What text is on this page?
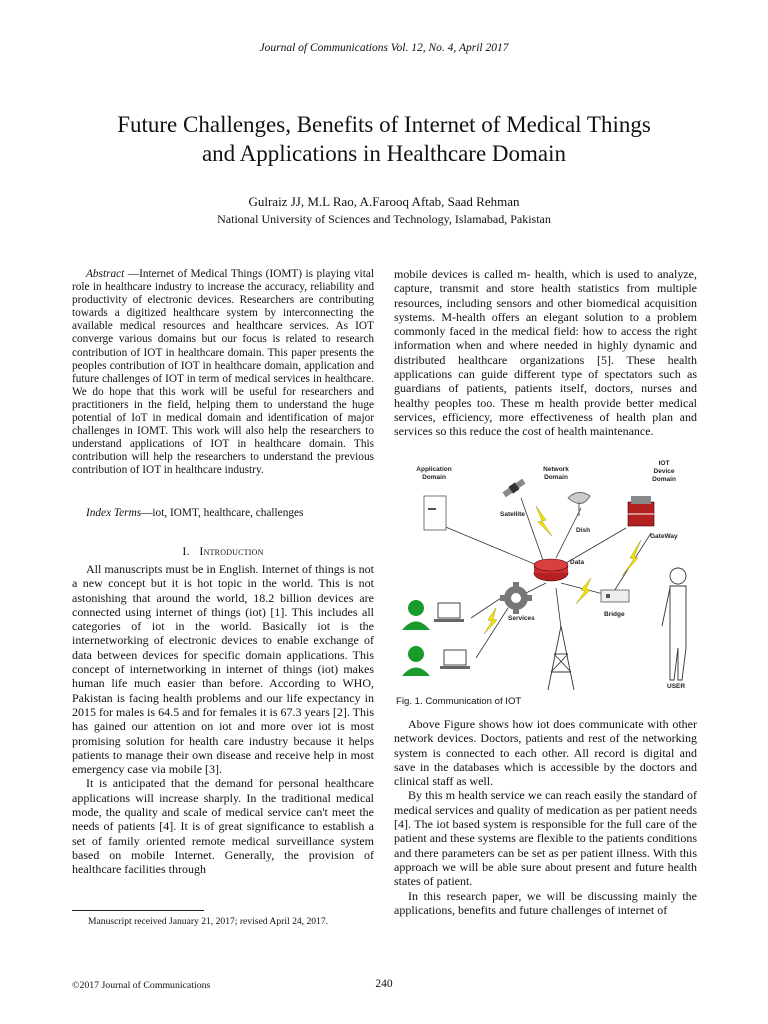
Journal of Communications Vol. 12, No. 4, April 2017
Future Challenges, Benefits of Internet of Medical Things
and Applications in Healthcare Domain
Gulraiz JJ, M.L Rao, A.Farooq Aftab, Saad Rehman
National University of Sciences and Technology, Islamabad, Pakistan

Abstract —Internet of Medical Things (IOMT) is playing vital role in healthcare industry to increase the accuracy, reliability and productivity of electronic devices. Researchers are contributing towards a digitized healthcare system by interconnecting the available medical resources and healthcare services. As IOT converge various domains but our focus is related to research contribution of IOT in healthcare domain. This paper presents the peoples contribution of IOT in healthcare domain, application and future challenges of IOT in term of medical services in healthcare. We do hope that this work will be useful for researchers and practitioners in the field, helping them to understand the huge potential of IoT in medical domain and identification of major challenges in IOMT. This work will also help the researchers to understand applications of IOT in healthcare domain. This contribution will help the researchers to understand the previous contribution of IOT in healthcare industry.

Index Terms—iot, IOMT, healthcare, challenges

I. Introduction

All manuscripts must be in English. Internet of things is not a new concept but it is hot topic in the world. This is not astonishing that around the world, 18.2 billion devices are connected using internet of things (iot) [1]. This includes all categories of iot in the world. Basically iot is the internetworking of electronic devices to enable exchange of data between devices for specific domain applications. This concept of internetworking in internet of things (iot) makes human life much easier than before. According to WHO, Pakistan is facing health problems and our life expectancy in 2015 for males is 64.5 and for females it is 67.3 years [2]. This has gained our attention on iot and more over iot is most promising solution for health care industry because it helps patients to manage their own disease and receive help in most emergency case via mobile [3].

It is anticipated that the demand for personal healthcare applications will increase sharply. In the traditional medical mode, the quality and scale of medical service can't meet the needs of patients [4]. It is of great significance to establish a set of family oriented remote medical surveillance system based on mobile Internet. Generally, the provision of healthcare facilities through

Manuscript received January 21, 2017; revised April 24, 2017.

mobile devices is called m- health, which is used to analyze, capture, transmit and store health statistics from multiple resources, including sensors and other biomedical acquisition systems. M-health offers an elegant solution to a problem commonly faced in the medical field: how to access the right information when and where needed in highly dynamic and distributed healthcare organizations [5]. These health applications can guide different type of spectators such as guardians of patients, patients itself, doctors, nurses and healthy peoples too. These m health provide better medical services, efficiency, more effectiveness of health plan and services so this reduce the cost of health maintenance.

Application
Domain
Network
Domain
IOT
Device
Domain
Satellite
Dish
GateWay
Data
Services
Bridge
USER
Fig. 1. Communication of IOT

Above Figure shows how iot does communicate with other network devices. Doctors, patients and rest of the networking system is connected to each other. All record is digital and save in the databases which is accessible by the doctors and clinical staff as well.

By this m health service we can reach easily the standard of medical services and quality of medication as per patient needs [4]. The iot based system is responsible for the full care of the patient and these systems are flexible to the patients conditions and there parameters can be set as per patient illness. With this approach we will be able sure about present and future health states of patient.

In this research paper, we will be discussing mainly the applications, benefits and future challenges of internet of

©2017 Journal of Communications	240
